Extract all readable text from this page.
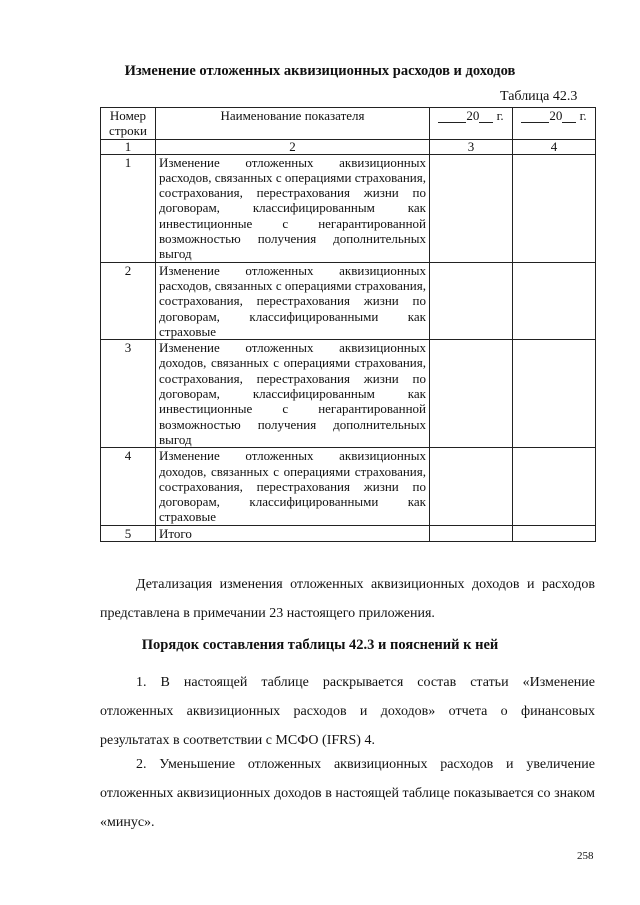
Изменение отложенных аквизиционных расходов и доходов
Таблица 42.3
Номер строки	Наименование показателя	20 г.	20 г.
1	2	3	4
1	Изменение отложенных аквизиционных расходов, связанных с операциями страхования, сострахования, перестрахования жизни по договорам, классифицированным как инвестиционные с негарантированной возможностью получения дополнительных выгод		
2	Изменение отложенных аквизиционных расходов, связанных с операциями страхования, сострахования, перестрахования жизни по договорам, классифицированными как страховые		
3	Изменение отложенных аквизиционных доходов, связанных с операциями страхования, сострахования, перестрахования жизни по договорам, классифицированным как инвестиционные с негарантированной возможностью получения дополнительных выгод		
4	Изменение отложенных аквизиционных доходов, связанных с операциями страхования, сострахования, перестрахования жизни по договорам, классифицированными как страховые		
5	Итого		

Детализация изменения отложенных аквизиционных доходов и расходов представлена в примечании 23 настоящего приложения.

Порядок составления таблицы 42.3 и пояснений к ней

1. В настоящей таблице раскрывается состав статьи «Изменение отложенных аквизиционных расходов и доходов» отчета о финансовых результатах в соответствии с МСФО (IFRS) 4.

2. Уменьшение отложенных аквизиционных расходов и увеличение отложенных аквизиционных доходов в настоящей таблице показывается со знаком «минус».

258
